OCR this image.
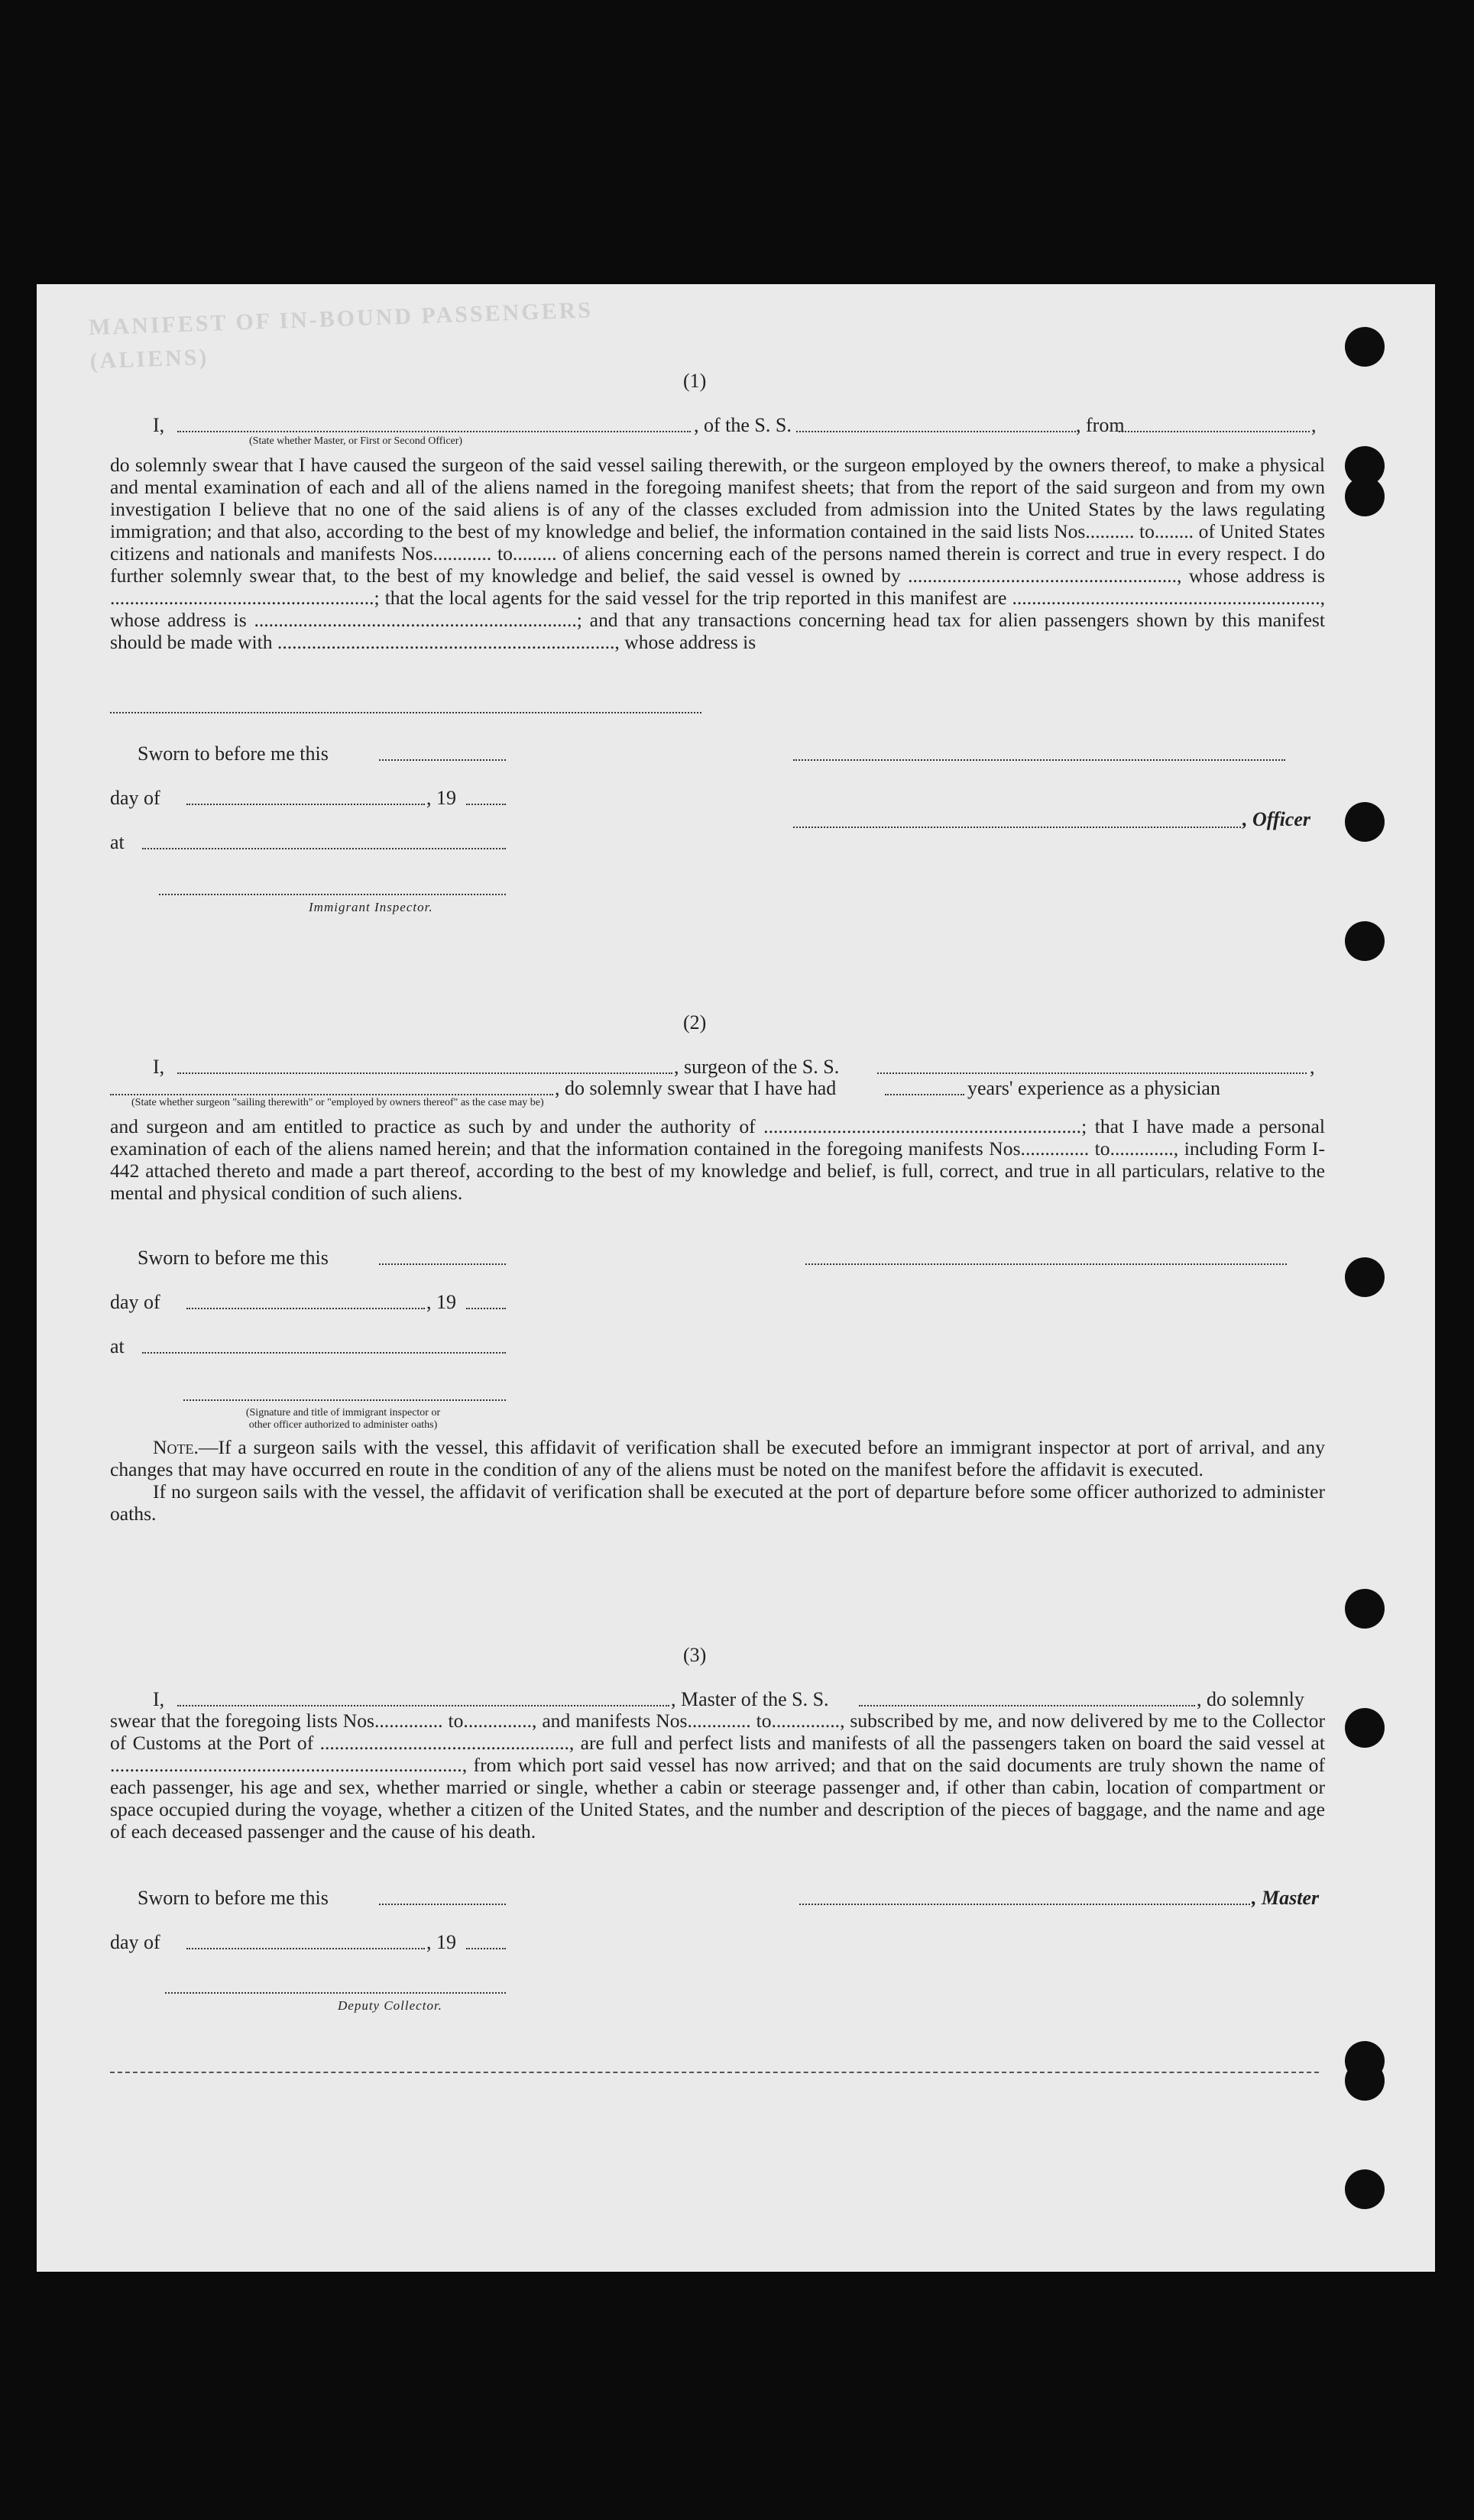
MANIFEST OF IN-BOUND PASSENGERS (ALIENS)
(1)
I,	, of the S. S.	, from	,
(State whether Master, or First or Second Officer)

do solemnly swear that I have caused the surgeon of the said vessel sailing therewith, or the surgeon employed by the owners thereof, to make a physical and mental examination of each and all of the aliens named in the foregoing manifest sheets; that from the report of the said surgeon and from my own investigation I believe that no one of the said aliens is of any of the classes excluded from admission into the United States by the laws regulating immigration; and that also, according to the best of my knowledge and belief, the information contained in the said lists Nos.......... to........ of United States citizens and nationals and manifests Nos............ to......... of aliens concerning each of the persons named therein is correct and true in every respect. I do further solemnly swear that, to the best of my knowledge and belief, the said vessel is owned by ......................................................., whose address is ......................................................; that the local agents for the said vessel for the trip reported in this manifest are ..............................................................., whose address is ..................................................................; and that any transactions concerning head tax for alien passengers shown by this manifest should be made with ....................................................................., whose address is

Sworn to before me this
day of	, 19
, Officer
at
Immigrant Inspector.
(2)
I,	, surgeon of the S. S.	,
, do solemnly swear that I have had	years' experience as a physician
(State whether surgeon "sailing therewith" or "employed by owners thereof" as the case may be)

and surgeon and am entitled to practice as such by and under the authority of .................................................................; that I have made a personal examination of each of the aliens named herein; and that the information contained in the foregoing manifests Nos.............. to............., including Form I-442 attached thereto and made a part thereof, according to the best of my knowledge and belief, is full, correct, and true in all particulars, relative to the mental and physical condition of such aliens.

Sworn to before me this
day of	, 19
at
(Signature and title of immigrant inspector or
other officer authorized to administer oaths)

Note.—If a surgeon sails with the vessel, this affidavit of verification shall be executed before an immigrant inspector at port of arrival, and any changes that may have occurred en route in the condition of any of the aliens must be noted on the manifest before the affidavit is executed.

If no surgeon sails with the vessel, the affidavit of verification shall be executed at the port of departure before some officer authorized to administer oaths.

(3)
I,	, Master of the S. S.	, do solemnly

swear that the foregoing lists Nos.............. to.............., and manifests Nos............. to.............., subscribed by me, and now delivered by me to the Collector of Customs at the Port of ..................................................., are full and perfect lists and manifests of all the passengers taken on board the said vessel at ........................................................................, from which port said vessel has now arrived; and that on the said documents are truly shown the name of each passenger, his age and sex, whether married or single, whether a cabin or steerage passenger and, if other than cabin, location of compartment or space occupied during the voyage, whether a citizen of the United States, and the number and description of the pieces of baggage, and the name and age of each deceased passenger and the cause of his death.

Sworn to before me this	, Master
day of	, 19
Deputy Collector.
